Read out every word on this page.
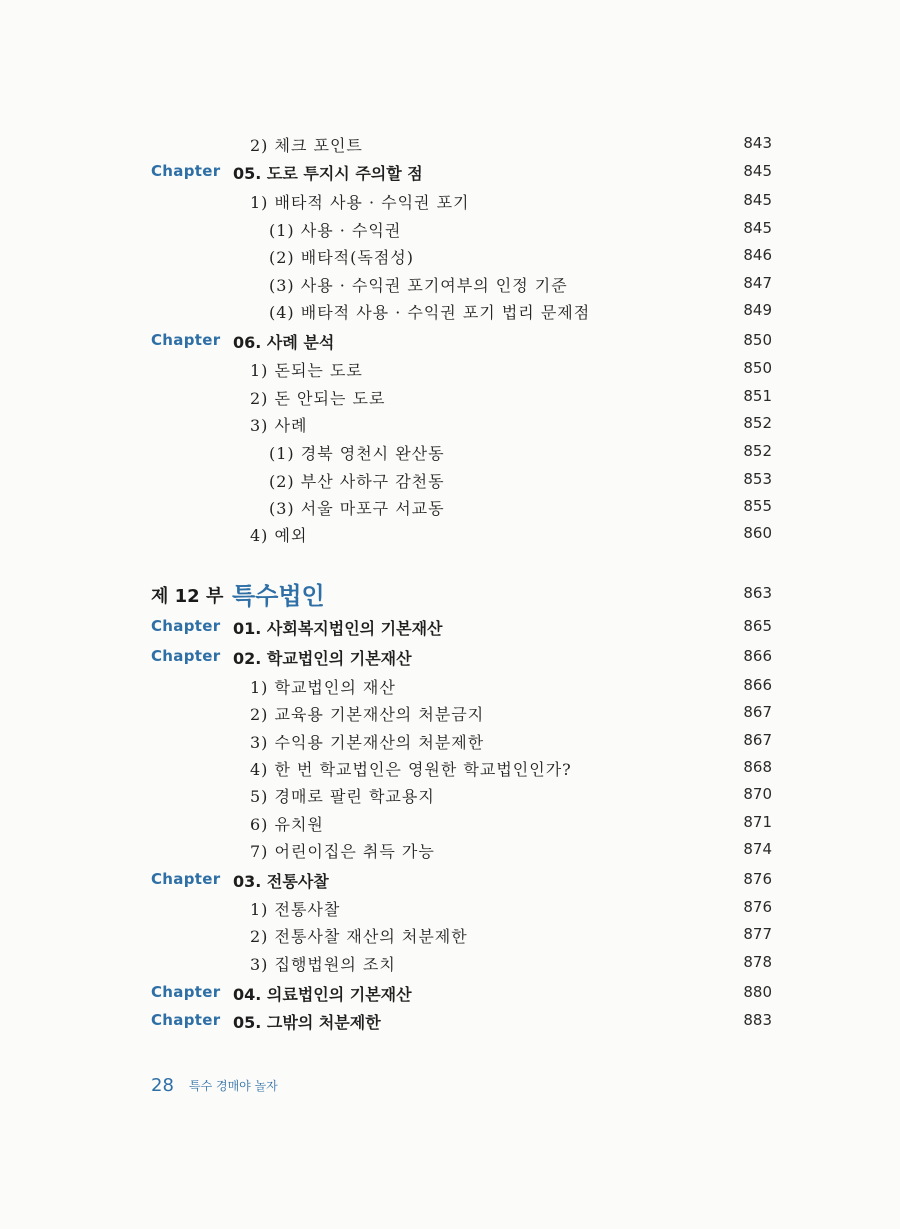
2) 체크 포인트	843
Chapter 05. 도로 투지시 주의할 점	845
1) 배타적 사용 · 수익권 포기	845
(1) 사용 · 수익권	845
(2) 배타적(독점성)	846
(3) 사용 · 수익권 포기여부의 인정 기준	847
(4) 배타적 사용 · 수익권 포기 법리 문제점	849
Chapter 06. 사례 분석	850
1) 돈되는 도로	850
2) 돈 안되는 도로	851
3) 사례	852
(1) 경북 영천시 완산동	852
(2) 부산 사하구 감천동	853
(3) 서울 마포구 서교동	855
4) 예외	860
제 12 부 특수법인	863
Chapter 01. 사회복지법인의 기본재산	865
Chapter 02. 학교법인의 기본재산	866
1) 학교법인의 재산	866
2) 교육용 기본재산의 처분금지	867
3) 수익용 기본재산의 처분제한	867
4) 한 번 학교법인은 영원한 학교법인인가?	868
5) 경매로 팔린 학교용지	870
6) 유치원	871
7) 어린이집은 취득 가능	874
Chapter 03. 전통사찰	876
1) 전통사찰	876
2) 전통사찰 재산의 처분제한	877
3) 집행법원의 조치	878
Chapter 04. 의료법인의 기본재산	880
Chapter 05. 그밖의 처분제한	883
28 특수 경매야 놀자
